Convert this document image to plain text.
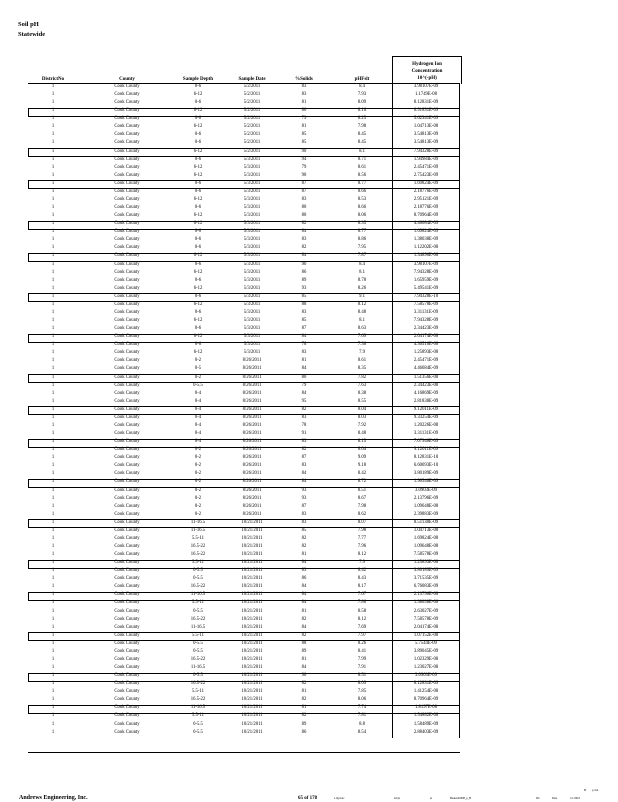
Soil pH
Statewide
DistrictNo	County	Sample Depth	Sample Date	%Solids	pHFslt
Hydrogen Ion
Concentration
10^(-pH)
1	Cook County	0-6	5/2/2011	83	8.4	3.98107E-09
1	Cook County	6-12	5/2/2011	83	7.93	1.1749E-08
1	Cook County	0-6	5/2/2011	81	8.09	8.12831E-09
1	Cook County	6-12	5/2/2011	86	8.16	6.91831E-09
1	Cook County	0-6	5/2/2011	79	8.25	5.62341E-09
1	Cook County	6-12	5/2/2011	81	7.98	1.04713E-08
1	Cook County	0-6	5/2/2011	85	8.45	3.54813E-09
1	Cook County	0-6	5/2/2011	85	8.45	3.54813E-09
1	Cook County	6-12	5/2/2011	90	8.1	7.94328E-09
1	Cook County	0-6	5/3/2011	94	8.71	1.94984E-09
1	Cook County	6-12	5/3/2011	79	8.61	2.45471E-09
1	Cook County	6-12	5/3/2011	90	8.56	2.75423E-09
1	Cook County	0-6	5/3/2011	87	8.77	1.69824E-09
1	Cook County	0-6	5/3/2011	87	8.66	2.18776E-09
1	Cook County	6-12	5/3/2011	83	8.53	2.95121E-09
1	Cook County	0-6	5/3/2011	80	8.66	2.18776E-09
1	Cook County	6-12	5/3/2011	80	8.06	8.70964E-09
1	Cook County	6-12	5/3/2011	82	8.35	4.46684E-09
1	Cook County	0-6	5/3/2011	84	8.77	1.69824E-09
1	Cook County	0-6	5/3/2011	83	8.86	1.38038E-09
1	Cook County	0-6	5/3/2011	82	7.95	1.12202E-08
1	Cook County	6-12	5/3/2011	84	7.87	1.34896E-08
1	Cook County	0-6	5/3/2011	90	8.4	3.98107E-09
1	Cook County	6-12	5/3/2011	86	8.1	7.94328E-09
1	Cook County	0-6	5/3/2011	89	8.78	1.65959E-09
1	Cook County	6-12	5/3/2011	93	8.26	5.49541E-09
1	Cook County	0-6	5/3/2011	85	9.1	7.94328E-10
1	Cook County	6-12	5/3/2011	88	8.12	7.58578E-09
1	Cook County	0-6	5/3/2011	83	8.48	3.31131E-09
1	Cook County	6-12	5/3/2011	85	8.1	7.94328E-09
1	Cook County	0-6	5/3/2011	87	8.63	2.34423E-09
1	Cook County	6-12	5/3/2011	84	7.69	2.04174E-08
1	Cook County	0-6	5/3/2011	78	7.36	4.36516E-08
1	Cook County	6-12	5/3/2011	83	7.9	1.25893E-08
1	Cook County	0-2	8/26/2011	81	8.61	2.45471E-09
1	Cook County	0-5	8/26/2011	84	8.35	4.46684E-09
1	Cook County	0-2	8/26/2011	80	7.82	1.51356E-08
1	Cook County	0-5.5	8/26/2011	79	7.63	2.34423E-08
1	Cook County	0-4	8/26/2011	84	8.38	4.16869E-09
1	Cook County	0-4	8/26/2011	95	8.55	2.81838E-09
1	Cook County	0-4	8/26/2011	82	8.04	9.12011E-09
1	Cook County	0-4	8/26/2011	83	8.03	9.33254E-09
1	Cook County	0-4	8/26/2011	78	7.92	1.20226E-08
1	Cook County	0-4	8/26/2011	91	8.48	3.31131E-09
1	Cook County	0-4	8/26/2011	83	8.15	7.07946E-09
1	Cook County	0-2	8/26/2011	82	8.04	9.12011E-09
1	Cook County	0-2	8/26/2011	87	9.09	8.12831E-10
1	Cook County	0-2	8/26/2011	83	9.18	6.60693E-10
1	Cook County	0-2	8/26/2011	84	8.42	3.80189E-09
1	Cook County	0-2	8/26/2011	84	8.72	1.90546E-09
1	Cook County	0-2	8/26/2011	93	8.51	3.0903E-09
1	Cook County	0-2	8/26/2011	93	8.67	2.13796E-09
1	Cook County	0-2	8/26/2011	87	7.98	1.09648E-08
1	Cook County	0-2	8/26/2011	83	8.62	2.39883E-09
1	Cook County	11-16.5	10/21/2011	83	8.07	8.51138E-09
1	Cook County	11-16.5	10/21/2011	85	7.98	1.04713E-08
1	Cook County	5.5-11	10/21/2011	82	7.77	1.69824E-08
1	Cook County	16.5-22	10/21/2011	82	7.96	1.09648E-08
1	Cook County	16.5-22	10/21/2011	81	8.12	7.58578E-09
1	Cook County	5.5-11	10/21/2011	84	7.9	1.25893E-08
1	Cook County	0-5.5	10/21/2011	83	8.42	3.80189E-09
1	Cook County	0-5.5	10/21/2011	86	8.43	3.71535E-09
1	Cook County	16.5-22	10/21/2011	84	8.17	6.76083E-09
1	Cook County	11-16.5	10/21/2011	84	7.67	2.13796E-08
1	Cook County	5.5-11	10/21/2011	84	7.86	1.38038E-08
1	Cook County	0-5.5	10/21/2011	81	8.58	2.63027E-09
1	Cook County	16.5-22	10/21/2011	82	8.12	7.58578E-09
1	Cook County	11-16.5	10/21/2011	84	7.69	2.04174E-08
1	Cook County	5.5-11	10/21/2011	82	7.97	1.07152E-08
1	Cook County	0-5.5	10/21/2011	88	8.26	5.7544E-09
1	Cook County	0-5.5	10/21/2011	89	8.41	3.89045E-09
1	Cook County	16.5-22	10/21/2011	81	7.99	1.02329E-08
1	Cook County	11-16.5	10/21/2011	84	7.91	1.23027E-08
1	Cook County	0-5.5	10/21/2011	90	8.51	3.0903E-09
1	Cook County	16.5-22	10/21/2011	82	8.09	8.12831E-09
1	Cook County	5.5-11	10/21/2011	81	7.85	1.41254E-08
1	Cook County	16.5-22	10/21/2011	82	8.06	8.70964E-09
1	Cook County	11-16.5	10/21/2011	81	7.74	1.8197E-08
1	Cook County	5.5-11	10/21/2011	82	7.81	1.54882E-08
1	Cook County	0-5.5	10/21/2011	89	8.8	1.58489E-09
1	Cook County	0-5.5	10/21/2011	86	8.54	2.88403E-09
Andrews Engineering, Inc.	65 of 178	a bgcsoic	lobys	io	Beaker02098_p_H	Db	Date	1/1/2016
B p Jan
